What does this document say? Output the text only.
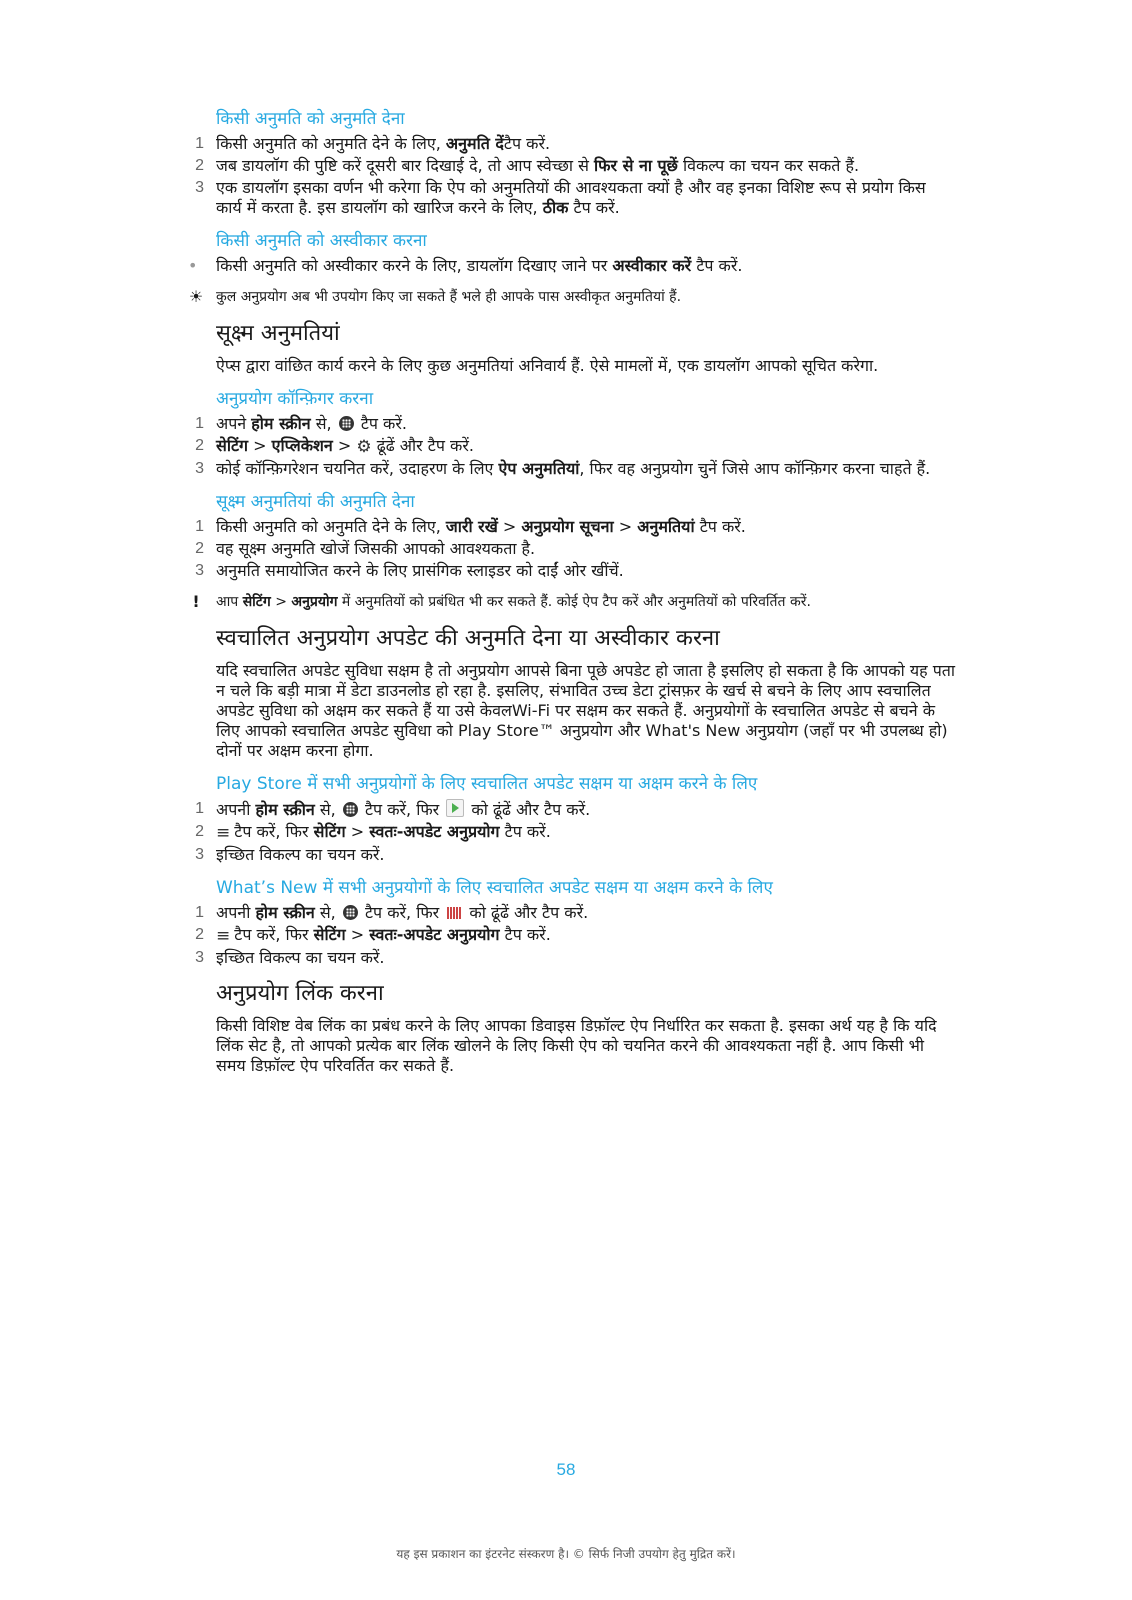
किसी अनुमति को अनुमति देना
1 किसी अनुमति को अनुमति देने के लिए, अनुमति देंटैप करें.
2 जब डायलॉग की पुष्टि करें दूसरी बार दिखाई दे, तो आप स्वेच्छा से फिर से ना पूछें विकल्प का चयन कर सकते हैं.
3 एक डायलॉग इसका वर्णन भी करेगा कि ऐप को अनुमतियों की आवश्यकता क्यों है और वह इनका विशिष्ट रूप से प्रयोग किस कार्य में करता है. इस डायलॉग को खारिज करने के लिए, ठीक टैप करें.
किसी अनुमति को अस्वीकार करना
• किसी अनुमति को अस्वीकार करने के लिए, डायलॉग दिखाए जाने पर अस्वीकार करें टैप करें.
☀ कुल अनुप्रयोग अब भी उपयोग किए जा सकते हैं भले ही आपके पास अस्वीकृत अनुमतियां हैं.
सूक्ष्म अनुमतियां
ऐप्स द्वारा वांछित कार्य करने के लिए कुछ अनुमतियां अनिवार्य हैं. ऐसे मामलों में, एक डायलॉग आपको सूचित करेगा.
अनुप्रयोग कॉन्फ़िगर करना
1 अपने होम स्क्रीन से, टैप करें.
2 सेटिंग > एप्लिकेशन > ⚙ ढूंढें और टैप करें.
3 कोई कॉन्फ़िगरेशन चयनित करें, उदाहरण के लिए ऐप अनुमतियां, फिर वह अनुप्रयोग चुनें जिसे आप कॉन्फ़िगर करना चाहते हैं.
सूक्ष्म अनुमतियां की अनुमति देना
1 किसी अनुमति को अनुमति देने के लिए, जारी रखें > अनुप्रयोग सूचना > अनुमतियां टैप करें.
2 वह सूक्ष्म अनुमति खोजें जिसकी आपको आवश्यकता है.
3 अनुमति समायोजित करने के लिए प्रासंगिक स्लाइडर को दाईं ओर खींचें.
!	आप सेटिंग > अनुप्रयोग में अनुमतियों को प्रबंधित भी कर सकते हैं. कोई ऐप टैप करें और अनुमतियों को परिवर्तित करें.
स्वचालित अनुप्रयोग अपडेट की अनुमति देना या अस्वीकार करना
यदि स्वचालित अपडेट सुविधा सक्षम है तो अनुप्रयोग आपसे बिना पूछे अपडेट हो जाता है इसलिए हो सकता है कि आपको यह पता न चले कि बड़ी मात्रा में डेटा डाउनलोड हो रहा है. इसलिए, संभावित उच्च डेटा ट्रांसफ़र के खर्च से बचने के लिए आप स्वचालित अपडेट सुविधा को अक्षम कर सकते हैं या उसे केवलWi-Fi पर सक्षम कर सकते हैं. अनुप्रयोगों के स्वचालित अपडेट से बचने के लिए आपको स्वचालित अपडेट सुविधा को Play Store™ अनुप्रयोग और What's New अनुप्रयोग (जहाँ पर भी उपलब्ध हो) दोनों पर अक्षम करना होगा.
Play Store में सभी अनुप्रयोगों के लिए स्वचालित अपडेट सक्षम या अक्षम करने के लिए
1 अपनी होम स्क्रीन से, टैप करें, फिर को ढूंढें और टैप करें.
2 ≡ टैप करें, फिर सेटिंग > स्वतः-अपडेट अनुप्रयोग टैप करें.
3 इच्छित विकल्प का चयन करें.
What’s New में सभी अनुप्रयोगों के लिए स्वचालित अपडेट सक्षम या अक्षम करने के लिए
1 अपनी होम स्क्रीन से, टैप करें, फिर को ढूंढें और टैप करें.
2 ≡ टैप करें, फिर सेटिंग > स्वतः-अपडेट अनुप्रयोग टैप करें.
3 इच्छित विकल्प का चयन करें.
अनुप्रयोग लिंक करना
किसी विशिष्ट वेब लिंक का प्रबंध करने के लिए आपका डिवाइस डिफ़ॉल्ट ऐप निर्धारित कर सकता है. इसका अर्थ यह है कि यदि लिंक सेट है, तो आपको प्रत्येक बार लिंक खोलने के लिए किसी ऐप को चयनित करने की आवश्यकता नहीं है. आप किसी भी समय डिफ़ॉल्ट ऐप परिवर्तित कर सकते हैं.
58
यह इस प्रकाशन का इंटरनेट संस्करण है। © सिर्फ निजी उपयोग हेतु मुद्रित करें।
